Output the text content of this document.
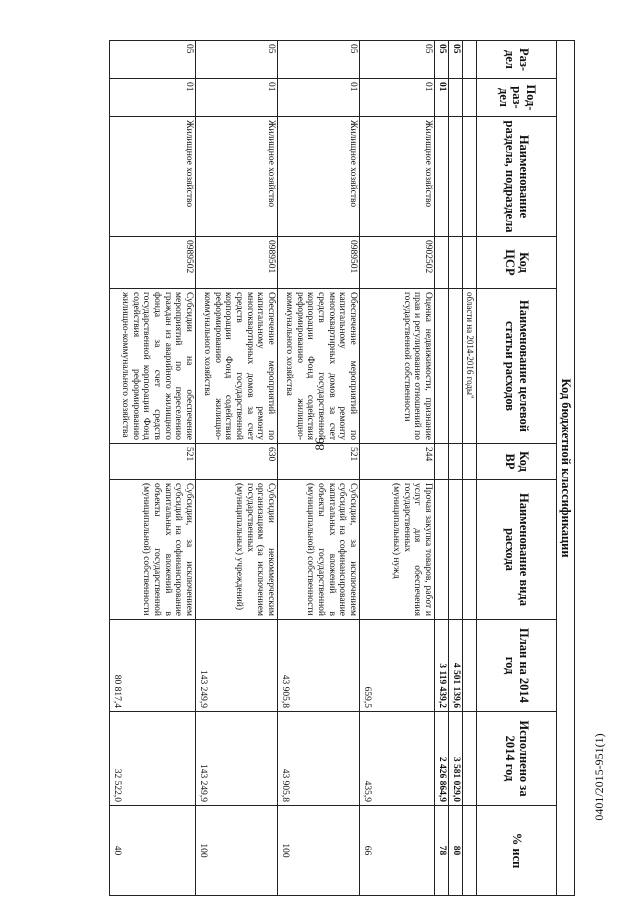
86
0401/2015-951(1)
Код бюджетной классификации									
Раз-дел	Под-раз-дел	Наименование раздела, подраздела	Код ЦСР	Наименование целевой статьи расходов	Код ВР	Наименование вида расхода	План на 2014 год	Исполнено за 2014 год	% исп
				области на 2014-2016 годы"					
05							4 501 139,6	3 581 029,0	80
05	01						3 119 439,2	2 426 864,9	78
05	01	Жилищное хозяйство	0902502	Оценка недвижимости, признание прав и регулирование отношений по государственной собственности	244	Прочая закупка товаров, работ и услуг для обеспечения государственных (муниципальных) нужд	659,5	435,9	66
05	01	Жилищное хозяйство	0989501	Обеспечение мероприятий по капитальному ремонту многоквартирных домов за счет средств государственной корпорации Фонд содействия реформированию жилищно-коммунального хозяйства	521	Субсидии, за исключением субсидий на софинансирование капитальных вложений в объекты государственной (муниципальной) собственности	43 905,8	43 905,8	100
05	01	Жилищное хозяйство	0989501	Обеспечение мероприятий по капитальному ремонту многоквартирных домов за счет средств государственной корпорации Фонд содействия реформированию жилищно-коммунального хозяйства	630	Субсидии некоммерческим организациям (за исключением государственных (муниципальных) учреждений)	143 249,9	143 249,9	100
05	01	Жилищное хозяйство	0989502	Субсидии на обеспечение мероприятий по переселению граждан из аварийного жилищного фонда за счет средств государственной корпорации Фонд содействия реформированию жилищно-коммунального хозяйства	521	Субсидии, за исключением субсидий на софинансирование капитальных вложений в объекты государственной (муниципальной) собственности	80 817,4	32 522,0	40
